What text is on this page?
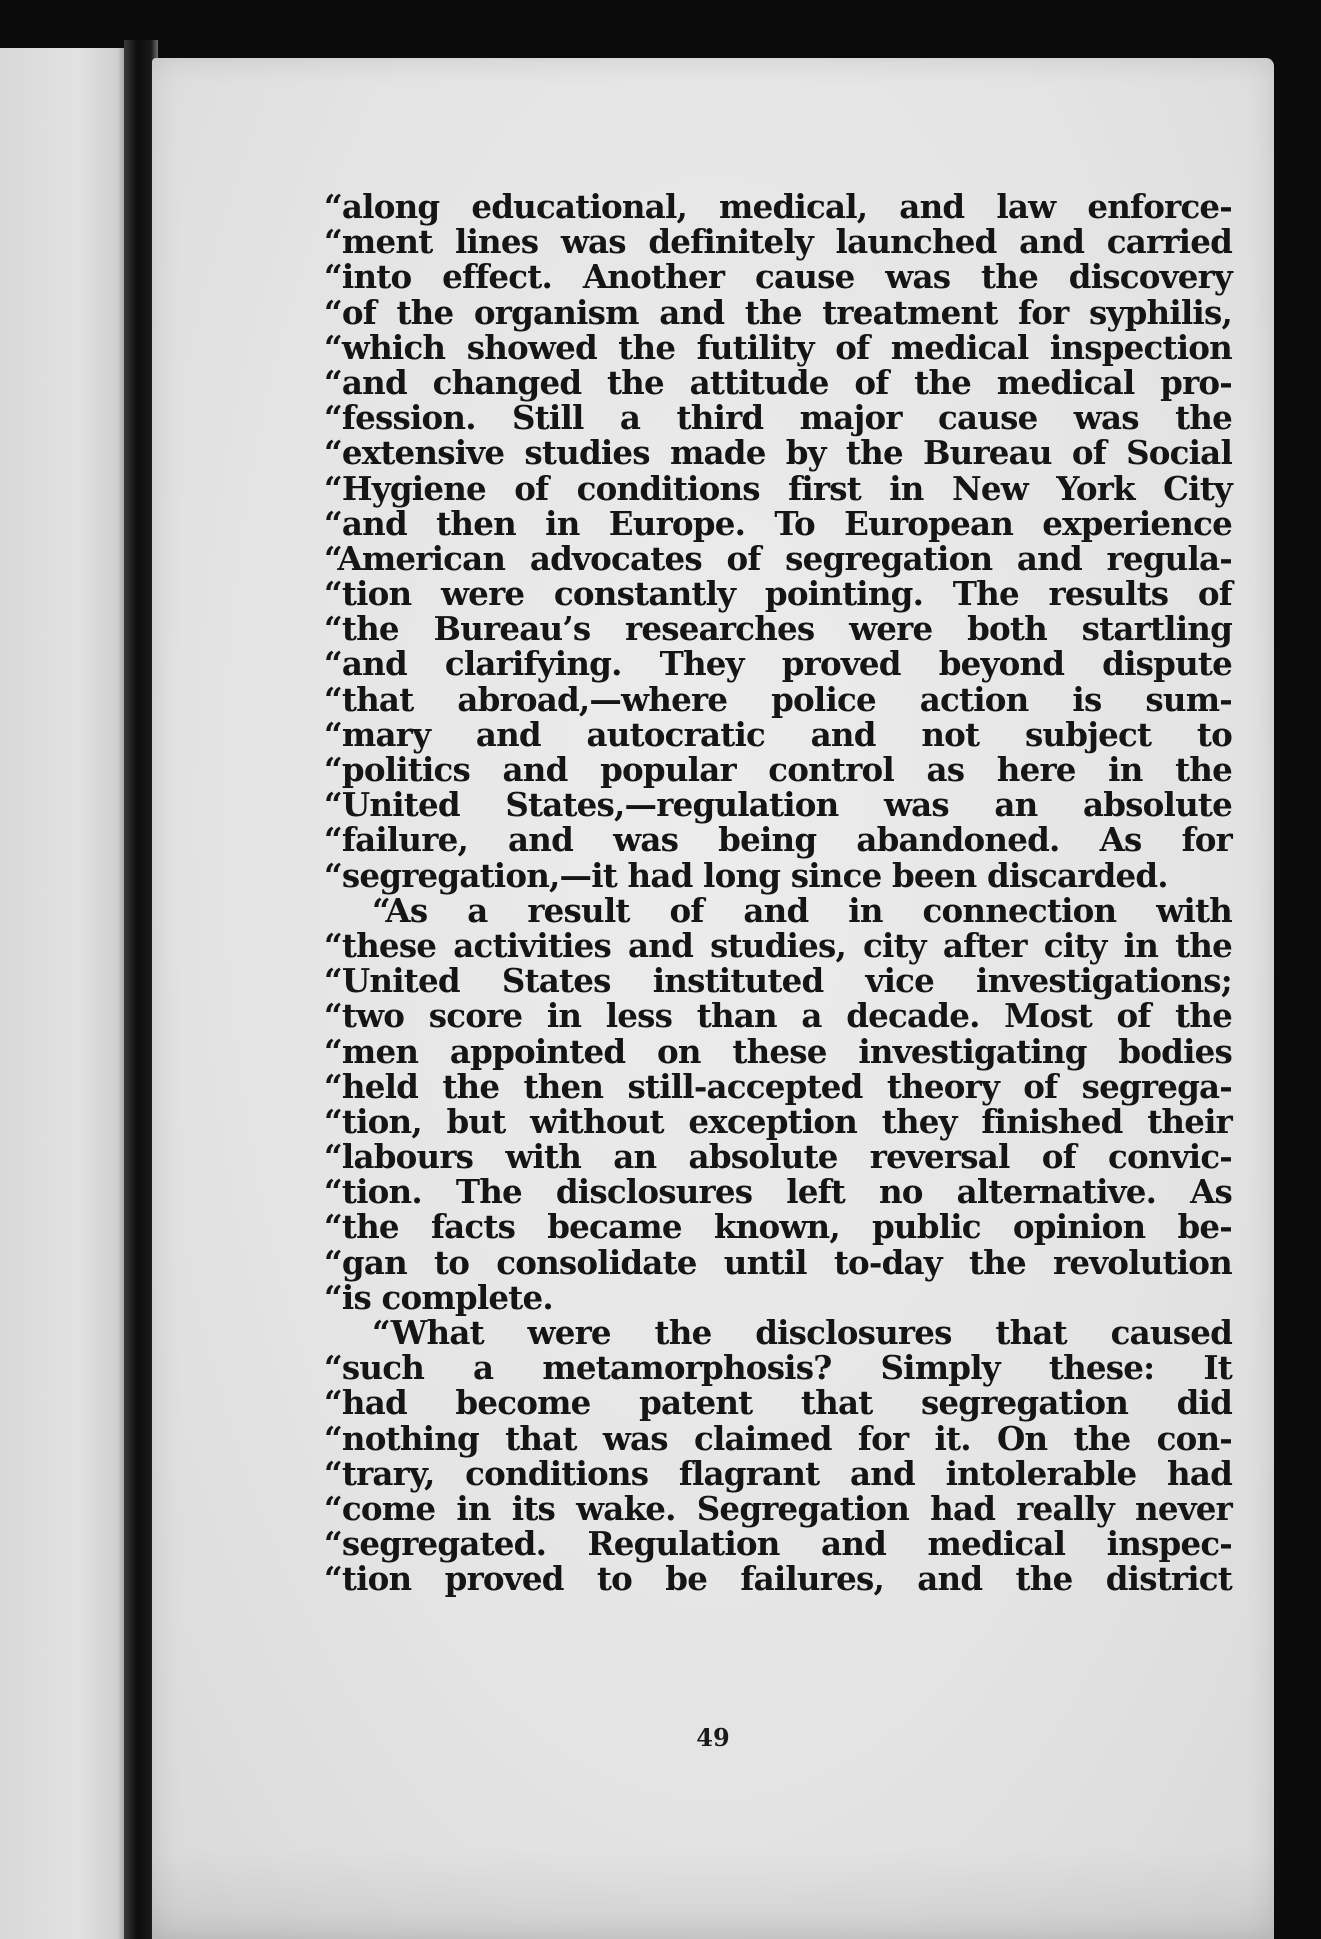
“along educational, medical, and law enforce-
“ment lines was definitely launched and carried
“into effect. Another cause was the discovery
“of the organism and the treatment for syphilis,
“which showed the futility of medical inspection
“and changed the attitude of the medical pro-
“fession. Still a third major cause was the
“extensive studies made by the Bureau of Social
“Hygiene of conditions first in New York City
“and then in Europe. To European experience
“American advocates of segregation and regula-
“tion were constantly pointing. The results of
“the Bureau’s researches were both startling
“and clarifying. They proved beyond dispute
“that abroad,—where police action is sum-
“mary and autocratic and not subject to
“politics and popular control as here in the
“United States,—regulation was an absolute
“failure, and was being abandoned. As for
“segregation,—it had long since been discarded.
“As a result of and in connection with
“these activities and studies, city after city in the
“United States instituted vice investigations;
“two score in less than a decade. Most of the
“men appointed on these investigating bodies
“held the then still-accepted theory of segrega-
“tion, but without exception they finished their
“labours with an absolute reversal of convic-
“tion. The disclosures left no alternative. As
“the facts became known, public opinion be-
“gan to consolidate until to-day the revolution
“is complete.
“What were the disclosures that caused
“such a metamorphosis? Simply these: It
“had become patent that segregation did
“nothing that was claimed for it. On the con-
“trary, conditions flagrant and intolerable had
“come in its wake. Segregation had really never
“segregated. Regulation and medical inspec-
“tion proved to be failures, and the district
49
